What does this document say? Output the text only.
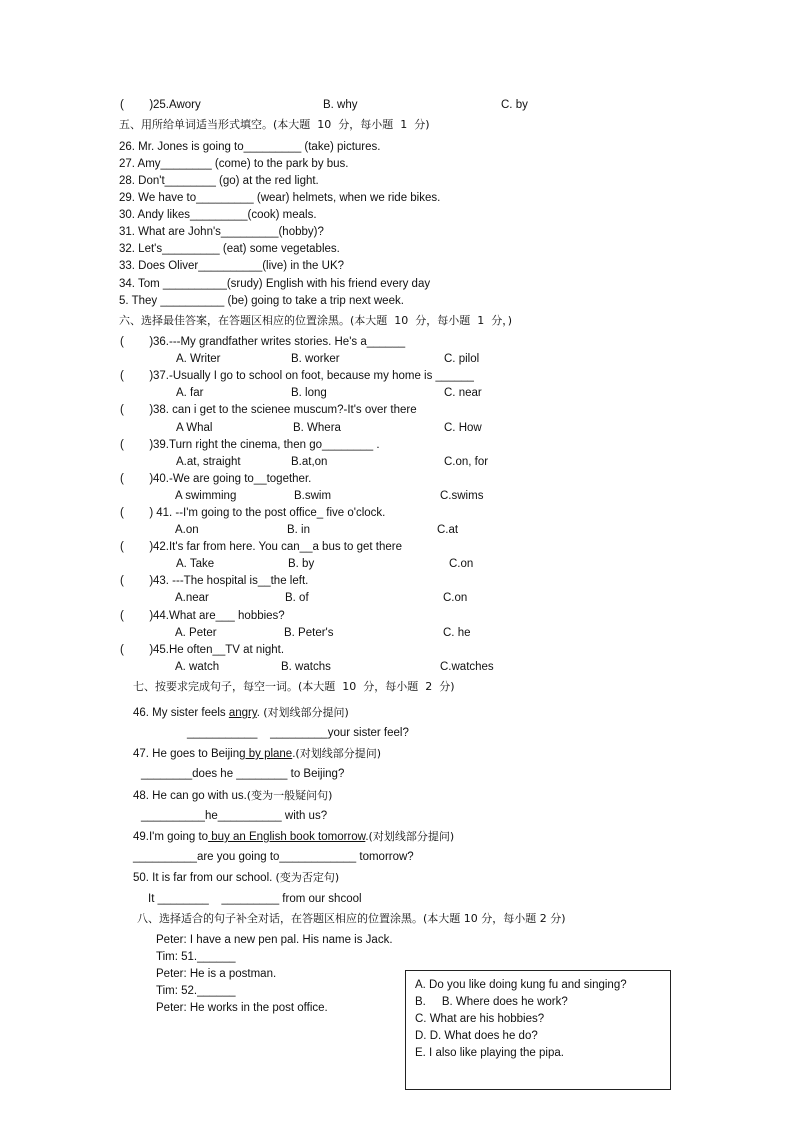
(        ) 25.Awory	B. why	C. by
五、用所给单词适当形式填空。(本大题  10  分，每小题  1  分)
26. Mr. Jones is going to_________ (take) pictures.
27. Amy________ (come) to the park by bus.
28. Don't________ (go) at the red light.
29. We have to_________ (wear) helmets, when we ride bikes.
30. Andy likes_________(cook) meals.
31. What are John's_________(hobby)?
32. Let's_________ (eat) some vegetables.
33. Does Oliver__________(live) in the UK?
34. Tom __________(srudy) English with his friend every day
5. They __________ (be) going to take a trip next week.
六、选择最佳答案，在答题区相应的位置涂黑。(本大题  10  分，每小题  1  分，)
(        ) 36.---My grandfather writes stories. He's a______
A. Writer	B. worker	C. pilol
(        ) 37.-Usually I go to school on foot, because my home is ______
A. far	B. long	C. near
(        ) 38. can i get to the scienee muscum?-It's over there
A Whal	B. Whera	C. How
(        ) 39.Turn right the cinema, then go________ .
A.at, straight	B.at,on	C.on, for
(        ) 40.-We are going to__together.
A swimming	B.swim	C.swims
(        ) 41. --I'm going to the post office_ five o'clock.
A.on	B. in	C.at
(        ) 42.It's far from here. You can__a bus to get there
A. Take	B. by	C.on
(        ) 43. ---The hospital is__the left.
A.near	B. of	C.on
(        ) 44.What are___ hobbies?
A. Peter	B. Peter's	C. he
(        ) 45.He often__TV at night.
A. watch	B. watchs	C.watches
七、按要求完成句子，每空一词。(本大题  10  分，每小题  2  分)
46. My sister feels angry. (对划线部分提问)
___________    _________your sister feel?
47. He goes to Beijing by plane.(对划线部分提问)
________does he ________ to Beijing?
48. He can go with us.(变为一般疑问句)
__________he__________ with us?
49.I'm going to buy an English book tomorrow.(对划线部分提问)
__________are you going to____________ tomorrow?
50. It is far from our school. (变为否定句)
It ________    _________ from our shcool
八、选择适合的句子补全对话，在答题区相应的位置涂黑。(本大题 10 分，每小题 2 分)
Peter: I have a new pen pal. His name is Jack.
Tim: 51.______
Peter: He is a postman.
Tim: 52.______
Peter: He works in the post office.
A. Do you like doing kung fu and singing?
B.     B. Where does he work?
C. What are his hobbies?
D. D. What does he do?
E. I also like playing the pipa.
